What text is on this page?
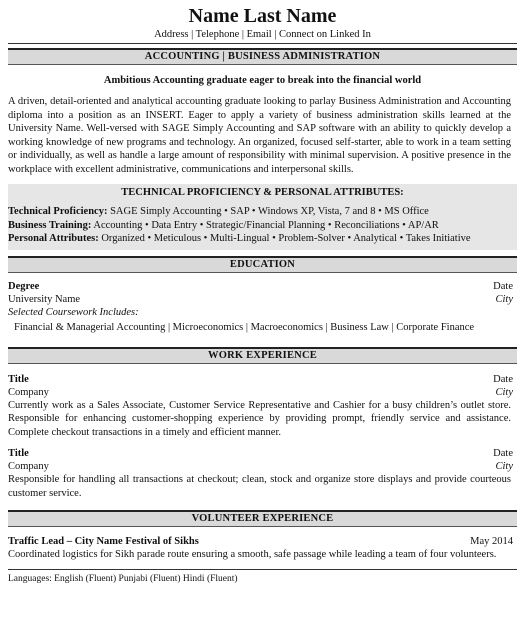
Name Last Name
Address | Telephone | Email | Connect on Linked In
ACCOUNTING | BUSINESS ADMINISTRATION
Ambitious Accounting graduate eager to break into the financial world
A driven, detail-oriented and analytical accounting graduate looking to parlay Business Administration and Accounting diploma into a position as an INSERT. Eager to apply a variety of business administration skills learned at the University Name. Well-versed with SAGE Simply Accounting and SAP software with an ability to quickly develop a working knowledge of new programs and technology. An organized, focused self-starter, able to work in a team setting or individually, as well as handle a large amount of responsibility with minimal supervision. A positive presence in the workplace with excellent administrative, communications and interpersonal skills.
TECHNICAL PROFICIENCY & PERSONAL ATTRIBUTES:
Technical Proficiency: SAGE Simply Accounting • SAP • Windows XP, Vista, 7 and 8 • MS Office
Business Training: Accounting • Data Entry • Strategic/Financial Planning • Reconciliations • AP/AR
Personal Attributes: Organized • Meticulous • Multi-Lingual • Problem-Solver • Analytical • Takes Initiative
EDUCATION
Degree	Date
University Name	City
Selected Coursework Includes:
Financial & Managerial Accounting | Microeconomics | Macroeconomics | Business Law | Corporate Finance
WORK EXPERIENCE
Title	Date
Company	City
Currently work as a Sales Associate, Customer Service Representative and Cashier for a busy children’s outlet store. Responsible for enhancing customer-shopping experience by providing prompt, friendly service and assistance. Complete checkout transactions in a timely and efficient manner.
Title	Date
Company	City
Responsible for handling all transactions at checkout; clean, stock and organize store displays and provide courteous customer service.
VOLUNTEER EXPERIENCE
Traffic Lead – City Name Festival of Sikhs	May 2014
Coordinated logistics for Sikh parade route ensuring a smooth, safe passage while leading a team of four volunteers.
Languages: English (Fluent) Punjabi (Fluent) Hindi (Fluent)
